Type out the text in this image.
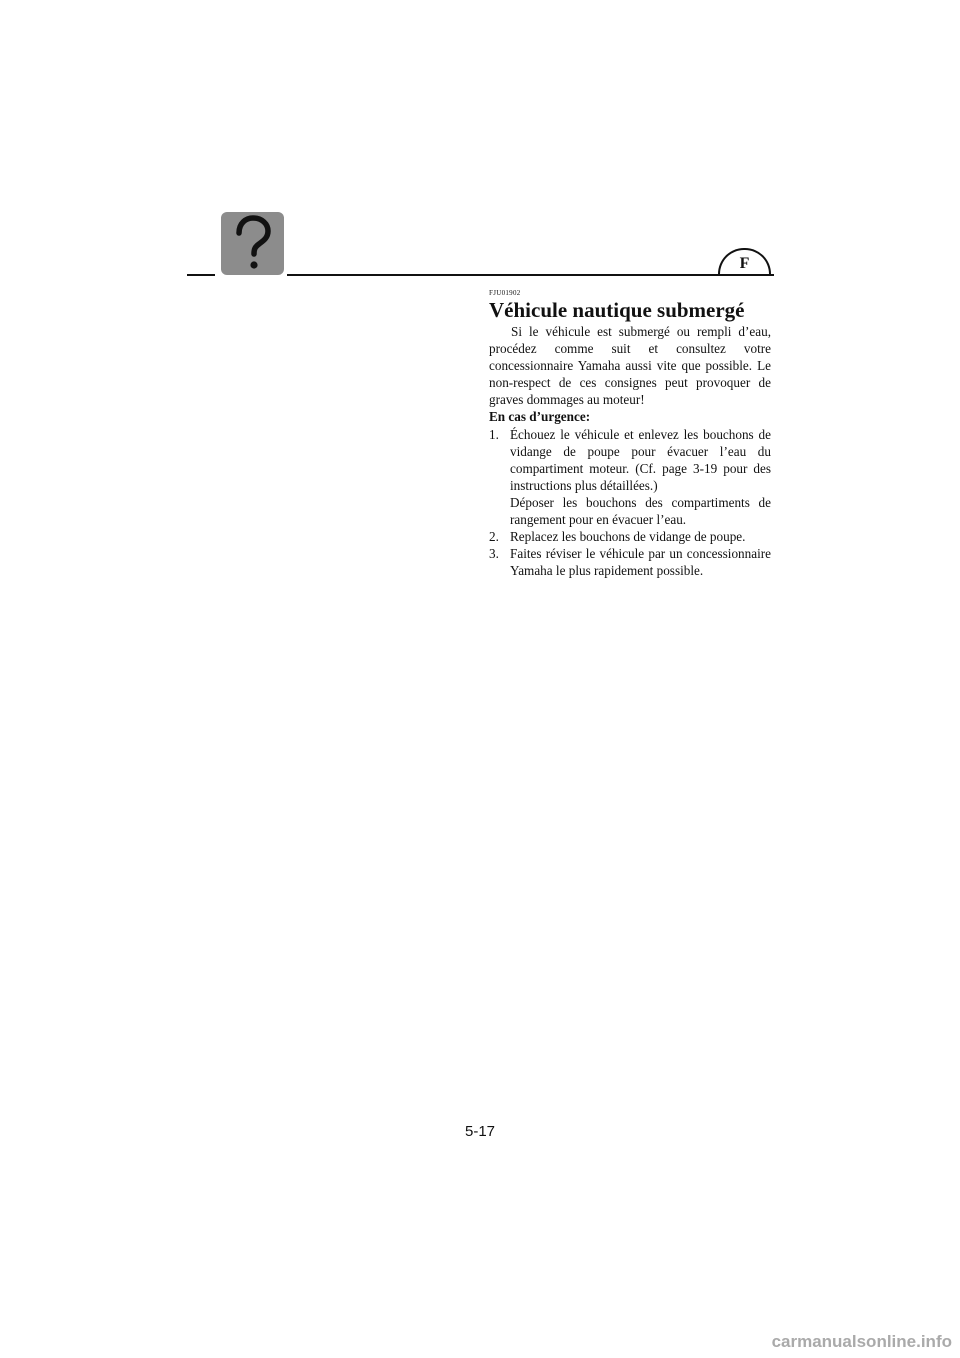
F
FJU01902
Véhicule nautique submergé

Si le véhicule est submergé ou rempli d’eau, procédez comme suit et consultez votre concessionnaire Yamaha aussi vite que possible. Le non-respect de ces consignes peut provoquer de graves dommages au moteur!

En cas d’urgence:

1. Échouez le véhicule et enlevez les bouchons de vidange de poupe pour évacuer l’eau du compartiment moteur. (Cf. page 3-19 pour des instructions plus détaillées.)

Déposer les bouchons des compartiments de rangement pour en évacuer l’eau.

2. Replacez les bouchons de vidange de poupe.

3. Faites réviser le véhicule par un concessionnaire Yamaha le plus rapidement possible.

5-17
carmanualsonline.info
